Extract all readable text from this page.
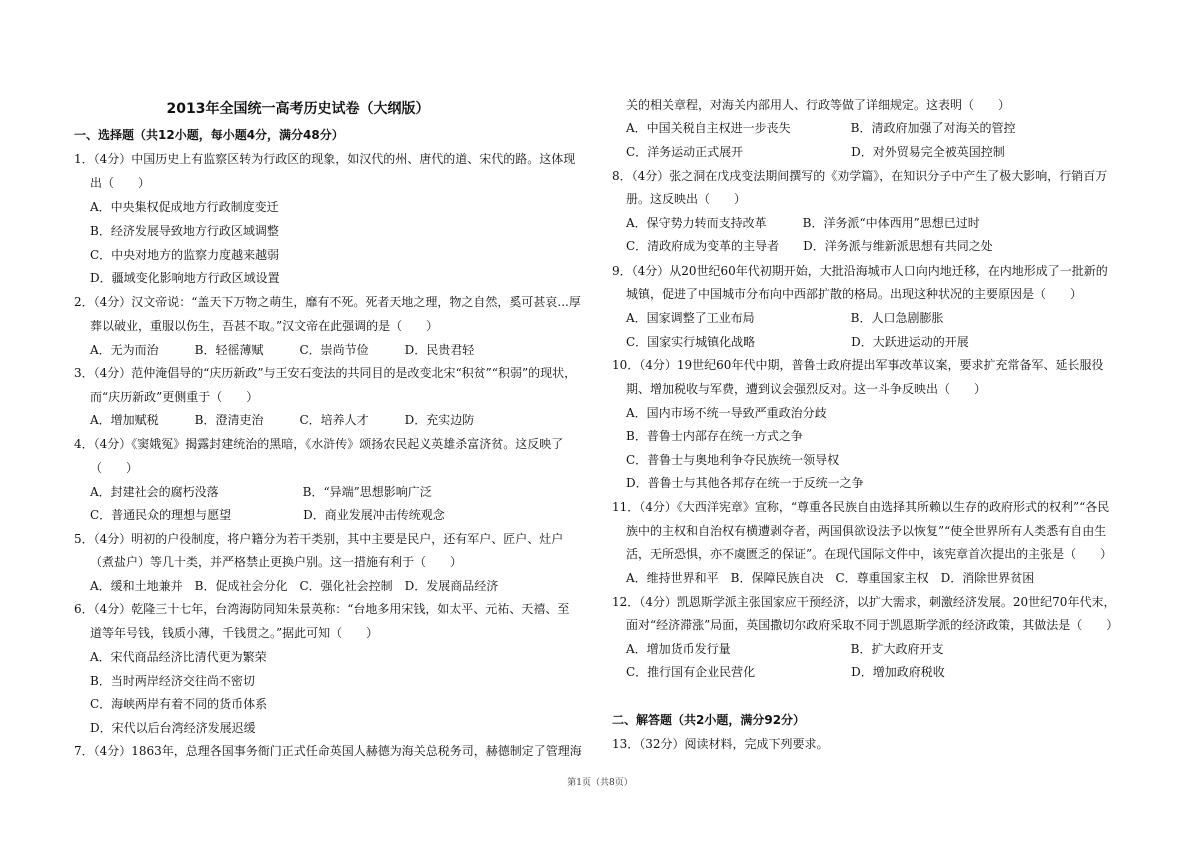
2013年全国统一高考历史试卷（大纲版）
一、选择题（共12小题，每小题4分，满分48分）
1．（4分）中国历史上有监察区转为行政区的现象，如汉代的州、唐代的道、宋代的路。这体现
出（　　）
A．中央集权促成地方行政制度变迁
B．经济发展导致地方行政区域调整
C．中央对地方的监察力度越来越弱
D．疆域变化影响地方行政区域设置
2．（4分）汉文帝说：“盖天下万物之萌生，靡有不死。死者天地之理，物之自然，奚可甚哀...厚
葬以破业，重服以伤生，吾甚不取。”汉文帝在此强调的是（　　）
A．无为而治　　　B．轻徭薄赋　　　C．崇尚节俭　　　D．民贵君轻
3．（4分）范仲淹倡导的“庆历新政”与王安石变法的共同目的是改变北宋“积贫”“积弱”的现状，
而“庆历新政”更侧重于（　　）
A．增加赋税　　　B．澄清吏治　　　C．培养人才　　　D．充实边防
4．（4分）《窦娥冤》揭露封建统治的黑暗，《水浒传》颂扬农民起义英雄杀富济贫。这反映了
（　　）
A．封建社会的腐朽没落　　　　　　　B．“异端”思想影响广泛
C．普通民众的理想与愿望　　　　　　D．商业发展冲击传统观念
5．（4分）明初的户役制度，将户籍分为若干类别，其中主要是民户，还有军户、匠户、灶户
（煮盐户）等几十类，并严格禁止更换户别。这一措施有利于（　　）
A．缓和土地兼并　B．促成社会分化　C．强化社会控制　D．发展商品经济
6．（4分）乾隆三十七年，台湾海防同知朱景英称：“台地多用宋钱，如太平、元祐、天禧、至
道等年号钱，钱质小薄，千钱贯之。”据此可知（　　）
A．宋代商品经济比清代更为繁荣
B．当时两岸经济交往尚不密切
C．海峡两岸有着不同的货币体系
D．宋代以后台湾经济发展迟缓
7．（4分）1863年，总理各国事务衙门正式任命英国人赫德为海关总税务司，赫德制定了管理海
关的相关章程，对海关内部用人、行政等做了详细规定。这表明（　　）
A．中国关税自主权进一步丧失　　　　　B．清政府加强了对海关的管控
C．洋务运动正式展开　　　　　　　　　D．对外贸易完全被英国控制
8．（4分）张之洞在戊戌变法期间撰写的《劝学篇》，在知识分子中产生了极大影响，行销百万
册。这反映出（　　）
A．保守势力转而支持改革　　　B．洋务派“中体西用”思想已过时
C．清政府成为变革的主导者　　D．洋务派与维新派思想有共同之处
9．（4分）从20世纪60年代初期开始，大批沿海城市人口向内地迁移，在内地形成了一批新的
城镇，促进了中国城市分布向中西部扩散的格局。出现这种状况的主要原因是（　　）
A．国家调整了工业布局　　　　　　　　B．人口急剧膨胀
C．国家实行城镇化战略　　　　　　　　D．大跃进运动的开展
10．（4分）19世纪60年代中期，普鲁士政府提出军事改革议案，要求扩充常备军、延长服役
期、增加税收与军费，遭到议会强烈反对。这一斗争反映出（　　）
A．国内市场不统一导致严重政治分歧
B．普鲁士内部存在统一方式之争
C．普鲁士与奥地利争夺民族统一领导权
D．普鲁士与其他各邦存在统一于反统一之争
11．（4分）《大西洋宪章》宣称，“尊重各民族自由选择其所赖以生存的政府形式的权利”“各民
族中的主权和自治权有横遭剥夺者，两国俱欲设法予以恢复”“使全世界所有人类悉有自由生
活，无所恐惧，亦不虞匮乏的保证”。在现代国际文件中，该宪章首次提出的主张是（　　）
A．维持世界和平　B．保障民族自决　C．尊重国家主权　D．消除世界贫困
12．（4分）凯恩斯学派主张国家应干预经济，以扩大需求，刺激经济发展。20世纪70年代末，
面对“经济滞涨”局面，英国撒切尔政府采取不同于凯恩斯学派的经济政策，其做法是（　　）
A．增加货币发行量　　　　　　　　　　B．扩大政府开支
C．推行国有企业民营化　　　　　　　　D．增加政府税收
二、解答题（共2小题，满分92分）
13．（32分）阅读材料，完成下列要求。
第1页（共8页）
